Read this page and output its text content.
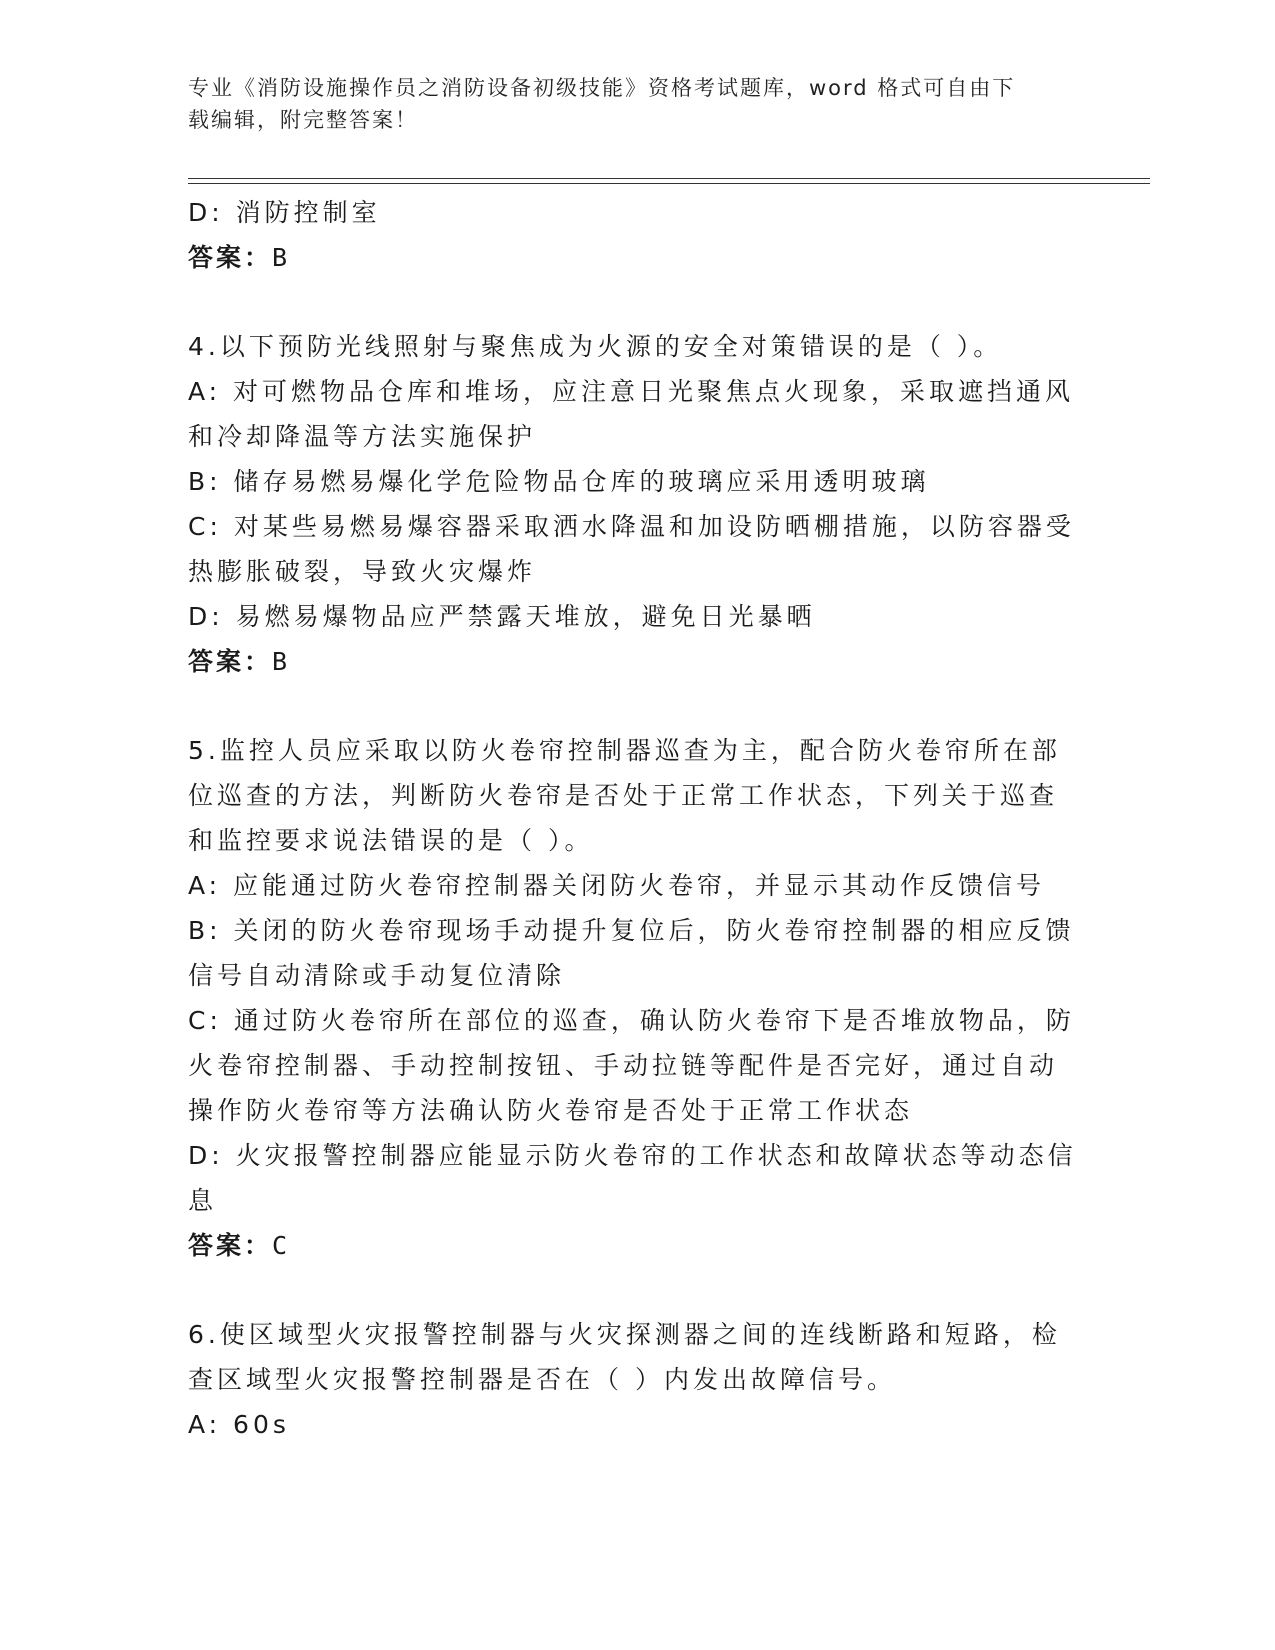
专业《消防设施操作员之消防设备初级技能》资格考试题库，word 格式可自由下
载编辑，附完整答案！

D: 消防控制室

答案：B

4.以下预防光线照射与聚焦成为火源的安全对策错误的是（ ）。

A: 对可燃物品仓库和堆场，应注意日光聚焦点火现象，采取遮挡通风

和冷却降温等方法实施保护

B: 储存易燃易爆化学危险物品仓库的玻璃应采用透明玻璃

C: 对某些易燃易爆容器采取洒水降温和加设防晒棚措施，以防容器受

热膨胀破裂，导致火灾爆炸

D: 易燃易爆物品应严禁露天堆放，避免日光暴晒

答案：B

5.监控人员应采取以防火卷帘控制器巡查为主，配合防火卷帘所在部

位巡查的方法，判断防火卷帘是否处于正常工作状态，下列关于巡查

和监控要求说法错误的是（ ）。

A: 应能通过防火卷帘控制器关闭防火卷帘，并显示其动作反馈信号

B: 关闭的防火卷帘现场手动提升复位后，防火卷帘控制器的相应反馈

信号自动清除或手动复位清除

C: 通过防火卷帘所在部位的巡查，确认防火卷帘下是否堆放物品，防

火卷帘控制器、手动控制按钮、手动拉链等配件是否完好，通过自动

操作防火卷帘等方法确认防火卷帘是否处于正常工作状态

D: 火灾报警控制器应能显示防火卷帘的工作状态和故障状态等动态信

息

答案：C

6.使区域型火灾报警控制器与火灾探测器之间的连线断路和短路，检

查区域型火灾报警控制器是否在（ ）内发出故障信号。

A: 60s
